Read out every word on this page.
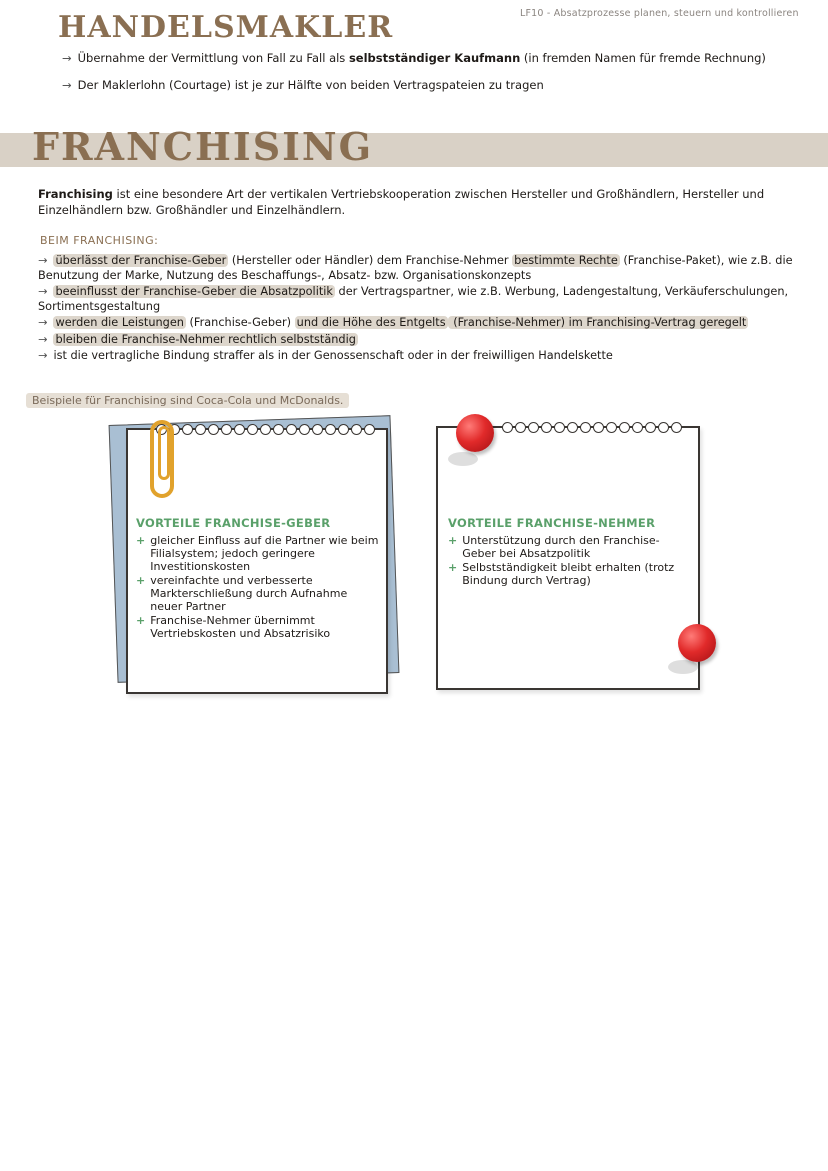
LF10 - Absatzprozesse planen, steuern und kontrollieren
HANDELSMAKLER
→ Übernahme der Vermittlung von Fall zu Fall als selbstständiger Kaufmann (in fremden Namen für fremde Rechnung)
→ Der Maklerlohn (Courtage) ist je zur Hälfte von beiden Vertragspateien zu tragen
FRANCHISING
Franchising ist eine besondere Art der vertikalen Vertriebskooperation zwischen Hersteller und Großhändlern, Hersteller und Einzelhändlern bzw. Großhändler und Einzelhändlern.
BEIM FRANCHISING:
→ überlässt der Franchise-Geber (Hersteller oder Händler) dem Franchise-Nehmer bestimmte Rechte (Franchise-Paket), wie z.B. die Benutzung der Marke, Nutzung des Beschaffungs-, Absatz- bzw. Organisationskonzepts
→ beeinflusst der Franchise-Geber die Absatzpolitik der Vertragspartner, wie z.B. Werbung, Ladengestaltung, Verkäuferschulungen, Sortimentsgestaltung
→ werden die Leistungen (Franchise-Geber) und die Höhe des Entgelts (Franchise-Nehmer) im Franchising-Vertrag geregelt
→ bleiben die Franchise-Nehmer rechtlich selbstständig
→ ist die vertragliche Bindung straffer als in der Genossenschaft oder in der freiwilligen Handelskette
Beispiele für Franchising sind Coca-Cola und McDonalds.
VORTEILE FRANCHISE-GEBER
+ gleicher Einfluss auf die Partner wie beim Filialsystem; jedoch geringere Investitionskosten
+ vereinfachte und verbesserte Markterschließung durch Aufnahme neuer Partner
+ Franchise-Nehmer übernimmt Vertriebskosten und Absatzrisiko
VORTEILE FRANCHISE-NEHMER
+ Unterstützung durch den Franchise-Geber bei Absatzpolitik
+ Selbstständigkeit bleibt erhalten (trotz Bindung durch Vertrag)
